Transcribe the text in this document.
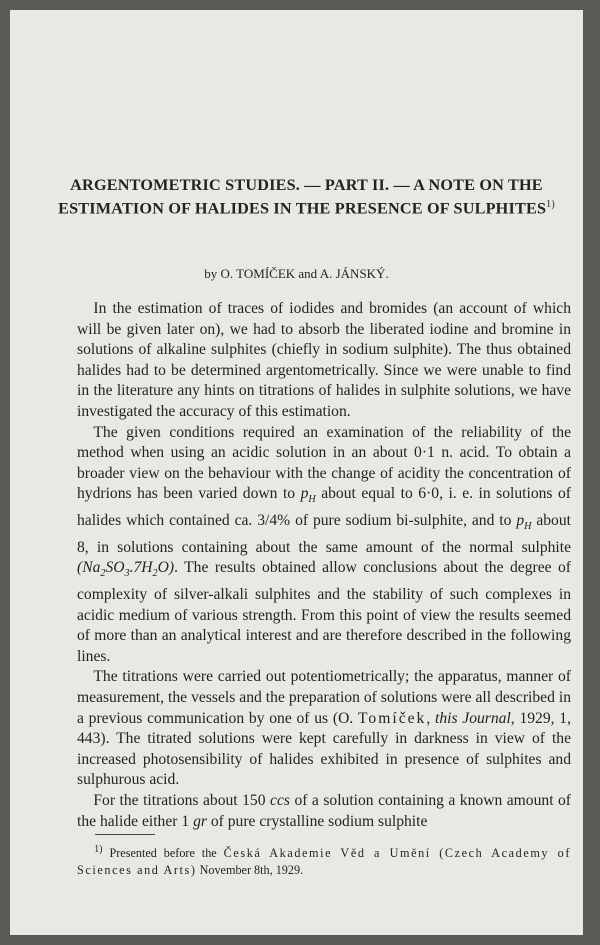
ARGENTOMETRIC STUDIES. — PART II. — A NOTE ON THE ESTIMATION OF HALIDES IN THE PRESENCE OF SULPHITES$^{1)}$
by O. TOMÍČEK and A. JÁNSKÝ.

In the estimation of traces of iodides and bromides (an account of which will be given later on), we had to absorb the liberated iodine and bromine in solutions of alkaline sulphites (chiefly in sodium sulphite). The thus obtained halides had to be determined argentometrically. Since we were unable to find in the literature any hints on titrations of halides in sulphite solutions, we have investigated the accuracy of this estimation.

The given conditions required an examination of the reliability of the method when using an acidic solution in an about 0·1 n. acid. To obtain a broader view on the behaviour with the change of acidity the concentration of hydrions has been varied down to $p_H$ about equal to 6·0, i. e. in solutions of halides which contained ca. 3/4% of pure sodium bi-sulphite, and to $p_H$ about 8, in solutions containing about the same amount of the normal sulphite $(Na_2SO_3.7H_2O)$. The results obtained allow conclusions about the degree of complexity of silver-alkali sulphites and the stability of such complexes in acidic medium of various strength. From this point of view the results seemed of more than an analytical interest and are therefore described in the following lines.

The titrations were carried out potentiometrically; the apparatus, manner of measurement, the vessels and the preparation of solutions were all described in a previous communication by one of us (O. Tomíček, this Journal, 1929, 1, 443). The titrated solutions were kept carefully in darkness in view of the increased photosensibility of halides exhibited in presence of sulphites and sulphurous acid.

For the titrations about 150 ccs of a solution containing a known amount of the halide either 1 gr of pure crystalline sodium sulphite

$^{1)}$ Presented before the Česká Akademie Věd a Umění (Czech Academy of Sciences and Arts) November 8th, 1929.
